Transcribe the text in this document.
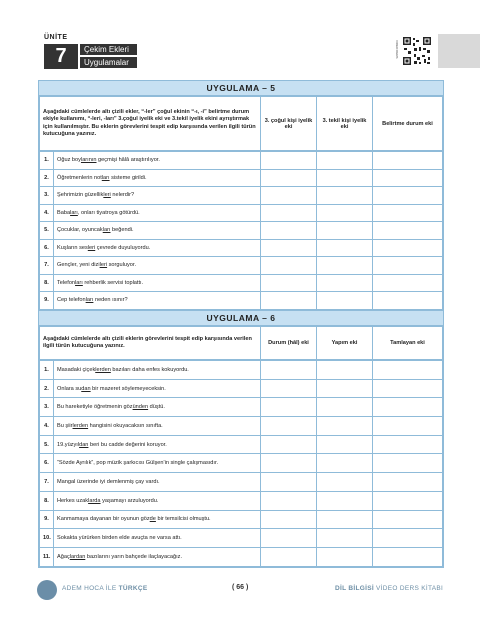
ÜNİTE
7	Çekim Ekleri
Uygulamalar
VIDEO DERS
UYGULAMA – 5
Aşağıdaki cümlelerde altı çizili ekler, “-ler” çoğul ekinin “-ı, -i” belirtme durum ekiyle kullanımı, “-leri, -ları” 3.çoğul iyelik eki ve 3.tekil iyelik ekini ayrıştırmak için kullanılmıştır. Bu eklerin görevlerini tespit edip karşısında verilen ilgili türün kutucuğuna yazınız.	3. çoğul kişi iyelik eki	3. tekil kişi iyelik eki	Belirtme durum eki
1.	Oğuz boylarının geçmişi hâlâ araştırılıyor.			
2.	Öğretmenlerin notları sisteme girildi.			
3.	Şehrimizin güzellikleri nelerdir?			
4.	Babaları, onları tiyatroya götürdü.			
5.	Çocuklar, oyuncakları beğendi.			
6.	Kuşların sesleri çevrede duyuluyordu.			
7.	Gençler, yeni dizileri sorguluyor.			
8.	Telefonları rehberlik servisi toplattı.			
9.	Cep telefonları neden ısınır?			
UYGULAMA – 6
Aşağıdaki cümlelerde altı çizili eklerin görevlerini tespit edip karşısında verilen ilgili türün kutucuğuna yazınız.	Durum (hâl) eki	Yapım eki	Tamlayan eki
1.	Masadaki çiçeklerden bazıları daha enfes kokuyordu.			
2.	Onlara sudan bir mazeret söylemeyeceksin.			
3.	Bu hareketiyle öğretmenin gözünden düştü.			
4.	Bu şiirlerden hangisini okuyacaksın sınıfta.			
5.	19.yüzyıldan beri bu cadde değerini koruyor.			
6.	“Sözde Ayrılık”, pop müzik şarkıcısı Gülşen'in single çalışmasıdır.			
7.	Mangal üzerinde iyi demlenmiş çay vardı.			
8.	Herkes uzaklarda yaşamayı arzuluyordu.			
9.	Kanmamaya dayanan bir oyunun gözde bir temsilcisi olmuştu.			
10.	Sokakta yürürken birden elde avuçta ne varsa attı.			
11.	Ağaçlardan bazılarını yarın bahçede ilaçlayacağız.			
ADEM HOCA İLE TÜRKÇE	( 66 )	DİL BİLGİSİ VİDEO DERS KİTABI
